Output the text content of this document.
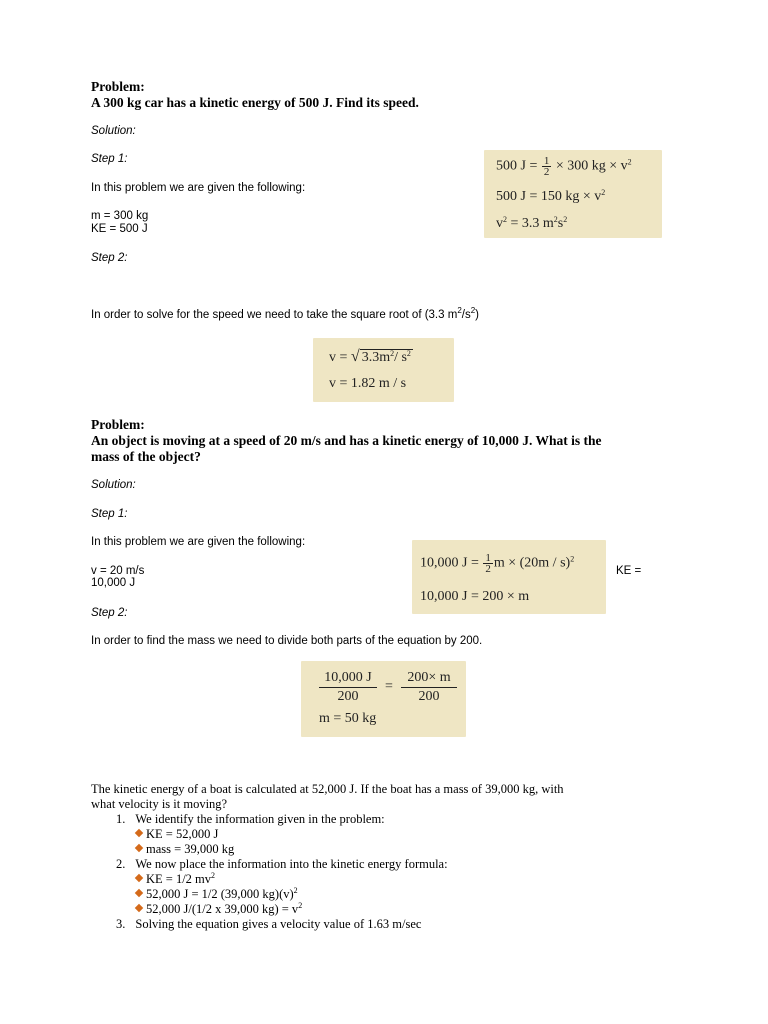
Problem:
A 300 kg car has a kinetic energy of 500 J. Find its speed.
Solution:
Step 1:
In this problem we are given the following:
m = 300 kg
KE = 500 J
Step 2:
In order to solve for the speed we need to take the square root of (3.3 $m^2/s^2$)
500 $J = \frac{1}{2} \times 300$ kg × $v^2$
500 J = 150 kg × $v^2$
$v^2 = 3.3$ $m^2s^2$
v = √ $3.3m^2/$ $s^2$
v = 1.82 m / s
Problem:
An object is moving at a speed of 20 m/s and has a kinetic energy of 10,000 J. What is the
mass of the object?
Solution:
Step 1:
In this problem we are given the following:
v = 20 m/s
10,000 J
KE =
Step 2:
In order to find the mass we need to divide both parts of the equation by 200.
10,000 $J = \frac{1}{2}$ m × (20m / s)$^2$
10,000 J = 200 × m
10,000 J
200
=
200× m
200
m = 50 kg
The kinetic energy of a boat is calculated at 52,000 J. If the boat has a mass of 39,000 kg, with
what velocity is it moving?
1. We identify the information given in the problem:
KE = 52,000 J
mass = 39,000 kg
2. We now place the information into the kinetic energy formula:
KE = 1/2 $mv^2$
52,000 J = 1/2 (39,000 $kg)(v)^2$
52,000 J/(1/2 x 39,000 $kg) = v^2$
3. Solving the equation gives a velocity value of 1.63 m/sec
